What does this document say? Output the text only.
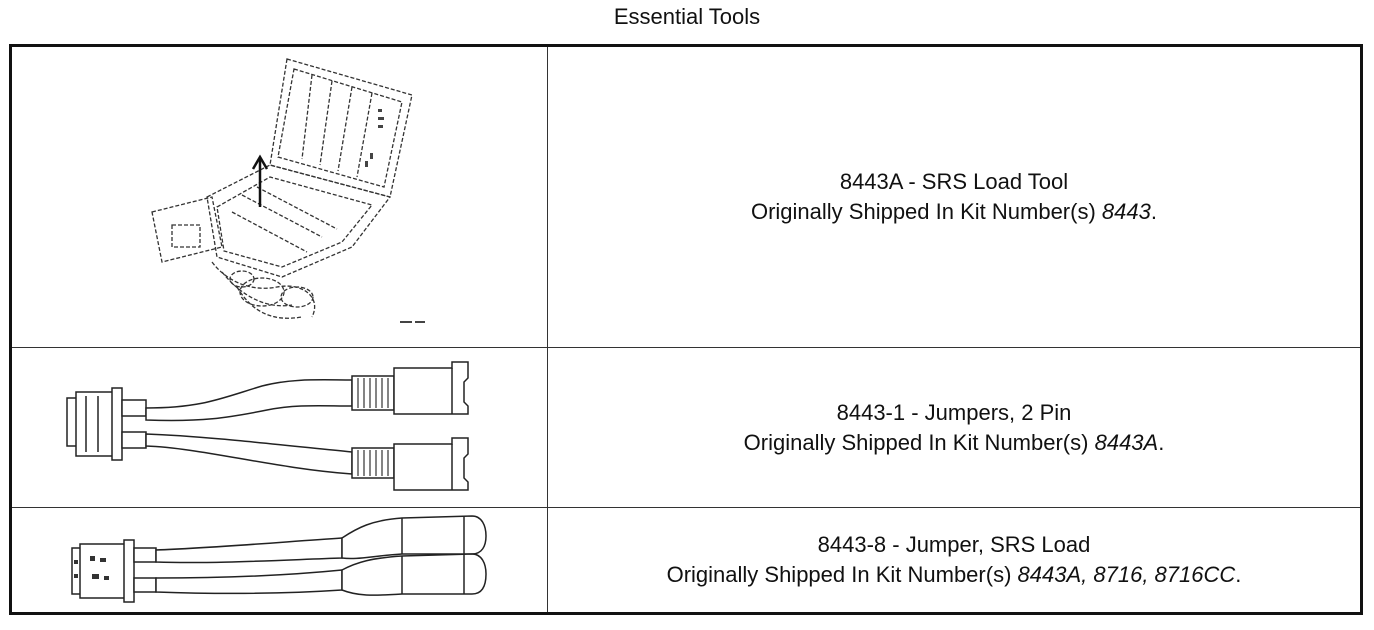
Essential Tools
8443A - SRS Load Tool
Originally Shipped In Kit Number(s) 8443.
8443-1 - Jumpers, 2 Pin
Originally Shipped In Kit Number(s) 8443A.
8443-8 - Jumper, SRS Load
Originally Shipped In Kit Number(s) 8443A, 8716, 8716CC.
